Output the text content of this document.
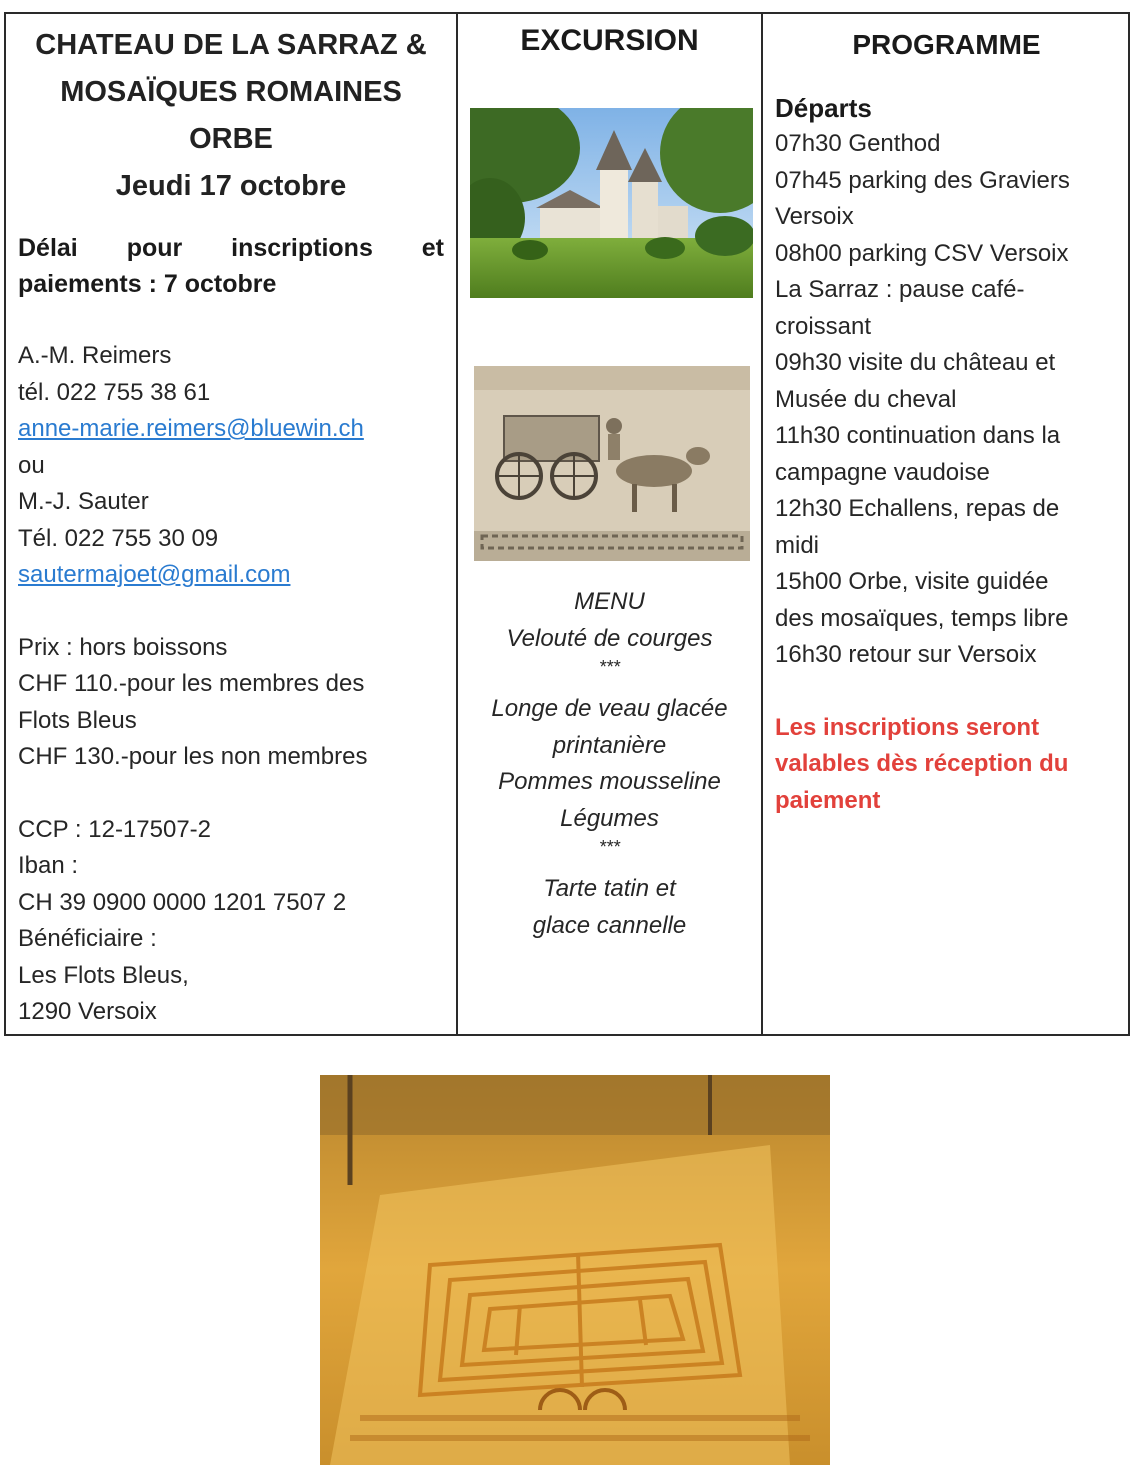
CHATEAU DE LA SARRAZ &
MOSAÏQUES ROMAINES
ORBE
Jeudi 17 octobre
Délai pour inscriptions et
paiements : 7 octobre
A.-M. Reimers
tél. 022 755 38 61
anne-marie.reimers@bluewin.ch
ou
M.-J. Sauter
Tél. 022 755 30 09
sautermajoet@gmail.com
Prix : hors boissons
CHF 110.-pour les membres des
Flots Bleus
CHF 130.-pour les non membres
CCP : 12-17507-2
Iban :
CH 39 0900 0000 1201 7507 2
Bénéficiaire :
Les Flots Bleus,
1290 Versoix
EXCURSION
MENU
Velouté de courges
***
Longe de veau glacée
printanière
Pommes mousseline
Légumes
***
Tarte tatin et
glace cannelle
PROGRAMME
Départs
07h30 Genthod
07h45 parking des Graviers
Versoix
08h00 parking CSV Versoix
La Sarraz : pause café-
croissant
09h30 visite du château et
Musée du cheval
11h30 continuation dans la
campagne vaudoise
12h30 Echallens, repas de
midi
15h00 Orbe, visite guidée
des mosaïques, temps libre
16h30 retour sur Versoix
Les inscriptions seront
valables dès réception du
paiement
